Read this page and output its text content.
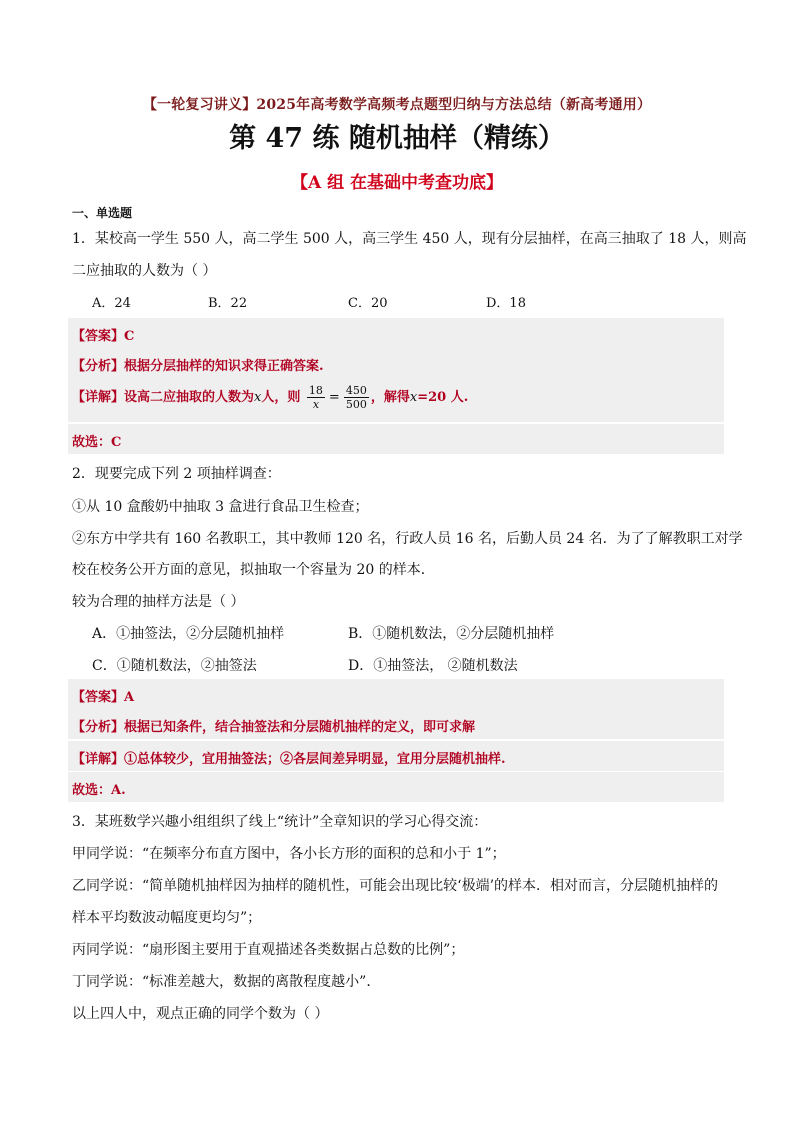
【一轮复习讲义】2025年高考数学高频考点题型归纳与方法总结（新高考通用）
第 47 练 随机抽样（精练）
【A 组 在基础中考查功底】
一、单选题
1．某校高一学生 550 人，高二学生 500 人，高三学生 450 人，现有分层抽样，在高三抽取了 18 人，则高
二应抽取的人数为（ ）
A．24	B．22	C．20	D．18
【答案】C
【分析】根据分层抽样的知识求得正确答案.
【详解】设高二应抽取的人数为x人，则 $\frac{18}{x} = \frac{450}{500}$ ，解得x=20 人.
故选：C
2．现要完成下列 2 项抽样调查：
①从 10 盒酸奶中抽取 3 盒进行食品卫生检查；
②东方中学共有 160 名教职工，其中教师 120 名，行政人员 16 名，后勤人员 24 名．为了了解教职工对学
校在校务公开方面的意见，拟抽取一个容量为 20 的样本．
较为合理的抽样方法是（ ）
A．①抽签法，②分层随机抽样	B．①随机数法，②分层随机抽样
C．①随机数法，②抽签法	D．①抽签法， ②随机数法
【答案】A
【分析】根据已知条件，结合抽签法和分层随机抽样的定义，即可求解
【详解】①总体较少，宜用抽签法；②各层间差异明显，宜用分层随机抽样.
故选：A.
3．某班数学兴趣小组组织了线上“统计”全章知识的学习心得交流：
甲同学说：“在频率分布直方图中，各小长方形的面积的总和小于 1”；
乙同学说：“简单随机抽样因为抽样的随机性，可能会出现比较‘极端’的样本．相对而言，分层随机抽样的
样本平均数波动幅度更均匀”；
丙同学说：“扇形图主要用于直观描述各类数据占总数的比例”；
丁同学说：“标准差越大，数据的离散程度越小”．
以上四人中，观点正确的同学个数为（ ）
